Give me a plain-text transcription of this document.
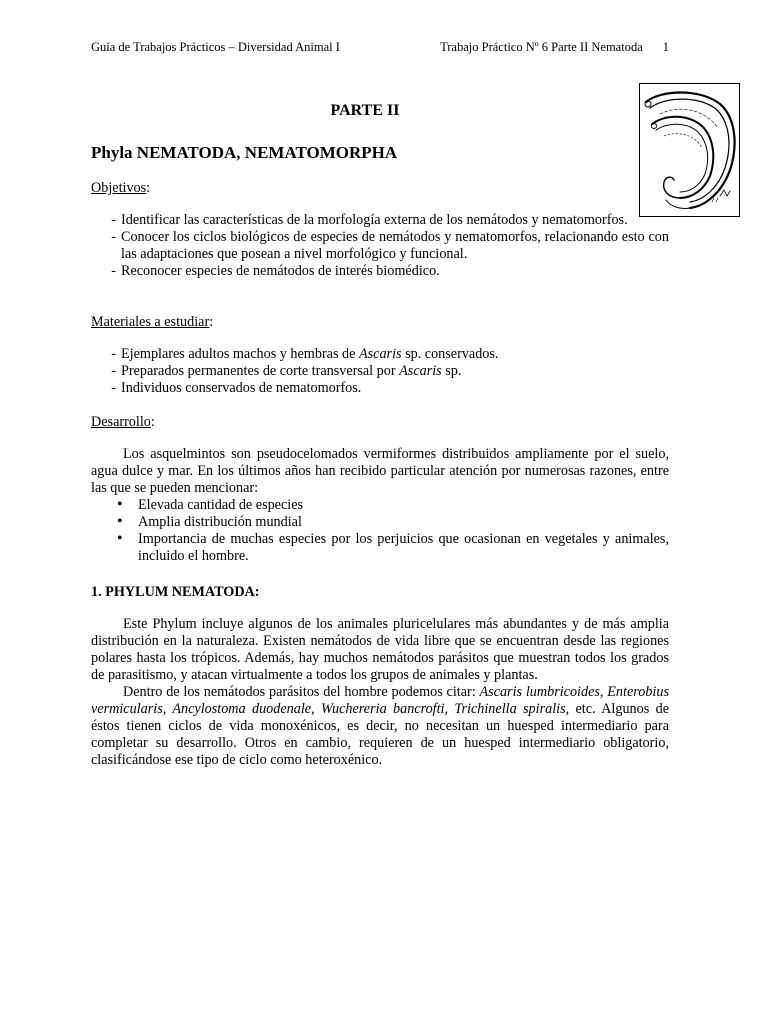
Guía de Trabajos Prácticos – Diversidad Animal I	Trabajo Práctico Nº 6 Parte II Nematoda 1
PARTE II
Phyla NEMATODA, NEMATOMORPHA
Objetivos:
- Identificar las características de la morfología externa de los nemátodos y nematomorfos.
- Conocer los ciclos biológicos de especies de nemátodos y nematomorfos, relacionando esto con las adaptaciones que posean a nivel morfológico y funcional.
- Reconocer especies de nemátodos de interés biomédico.
Materiales a estudiar:
- Ejemplares adultos machos y hembras de Ascaris sp. conservados.
- Preparados permanentes de corte transversal por Ascaris sp.
- Individuos conservados de nematomorfos.
Desarrollo:

Los asquelmintos son pseudocelomados vermiformes distribuidos ampliamente por el suelo, agua dulce y mar. En los últimos años han recibido particular atención por numerosas razones, entre las que se pueden mencionar:

• Elevada cantidad de especies
• Amplia distribución mundial
• Importancia de muchas especies por los perjuicios que ocasionan en vegetales y animales, incluido el hombre.
1. PHYLUM NEMATODA:

Este Phylum incluye algunos de los animales pluricelulares más abundantes y de más amplia distribución en la naturaleza. Existen nemátodos de vida libre que se encuentran desde las regiones polares hasta los trópicos. Además, hay muchos nemátodos parásitos que muestran todos los grados de parasitismo, y atacan virtualmente a todos los grupos de animales y plantas.

Dentro de los nemátodos parásitos del hombre podemos citar: Ascaris lumbricoides, Enterobius vermicularis, Ancylostoma duodenale, Wuchereria bancrofti, Trichinella spiralis, etc. Algunos de éstos tienen ciclos de vida monoxénicos, es decir, no necesitan un huesped intermediario para completar su desarrollo. Otros en cambio, requieren de un huesped intermediario obligatorio, clasificándose ese tipo de ciclo como heteroxénico.
